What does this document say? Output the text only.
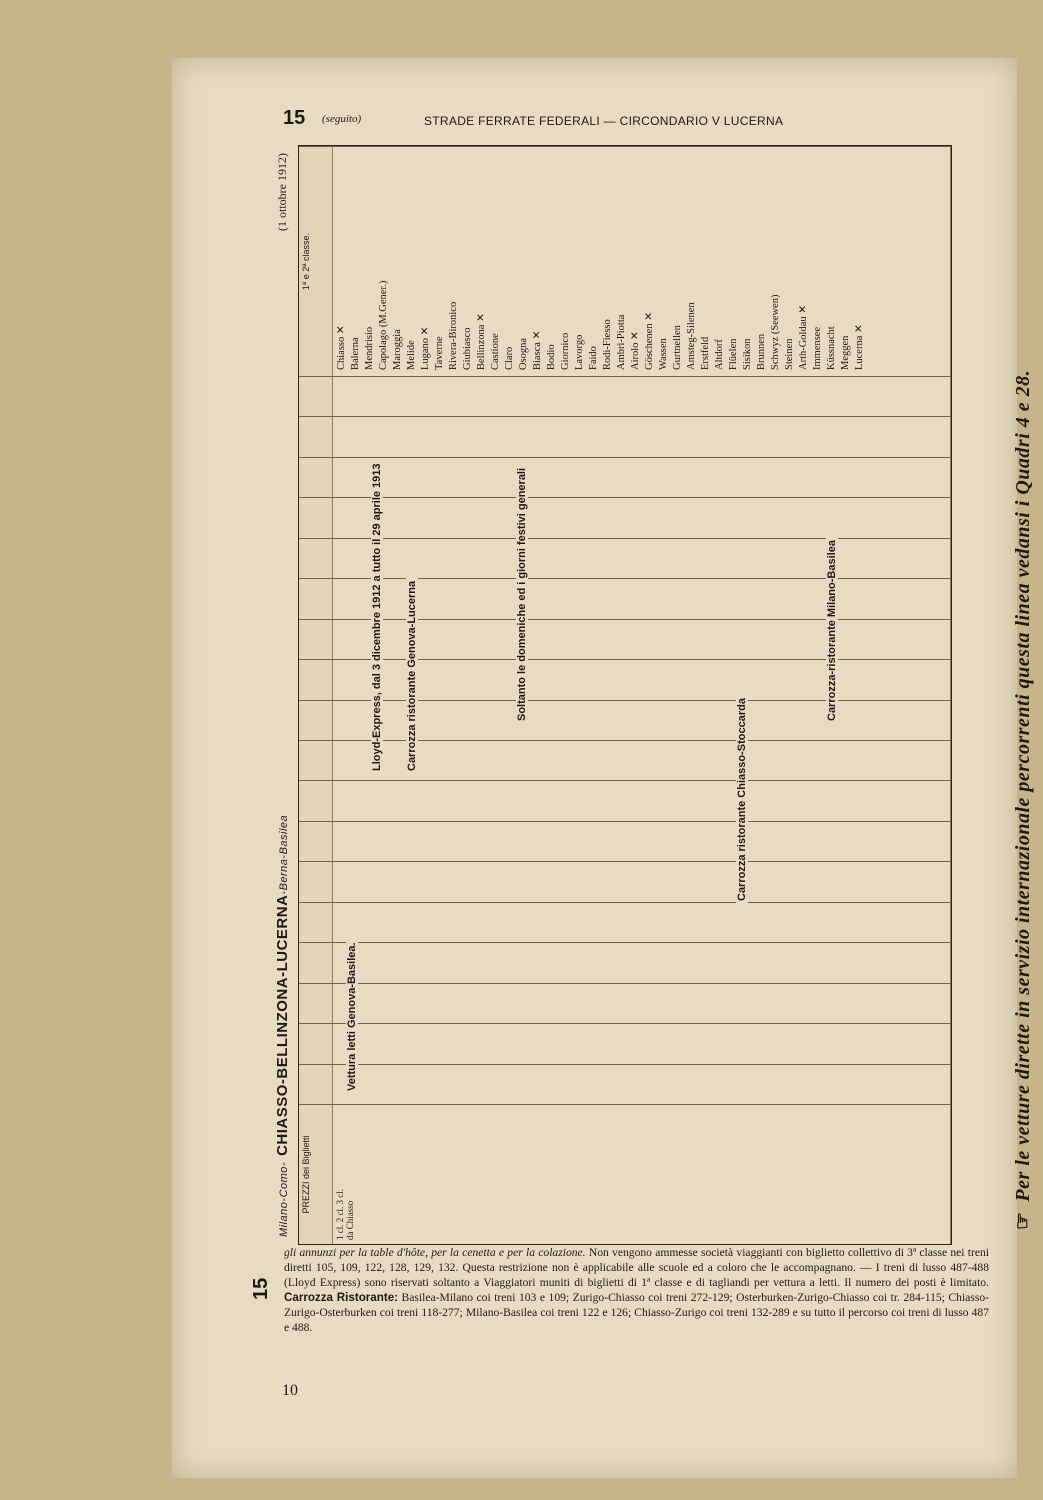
15 (seguito)	STRADE FERRATE FEDERALI — CIRCONDARIO V LUCERNA
15
Milano-Como-CHIASSO-BELLINZONA-LUCERNA-Berna-Basilea
(1 ottobre 1912)
PREZZI dei Biglietti
1ª e 2ª classe.
1 cl. 2 cl. 3 cl. da Chiasso
Chiasso ✕ Balerna Mendrisio Capolago (M.Gener.) Maroggia Melide Lugano ✕ Taverne Rivera-Bironico Giubiasco Bellinzona ✕ Castione Claro Osogna Biasca ✕ Bodio Giornico Lavorgo Faido Rodi-Fiesso Ambrì-Piotta Airolo ✕ Göschenen ✕ Wassen Gurtnellen Amsteg-Silenen Erstfeld Altdorf Flüelen Sisikon Brunnen Schwyz (Seewen) Steinen Arth-Goldau ✕ Immensee Küssnacht Meggen Lucerna ✕
Vettura letti Genova-Basilea.
Lloyd-Express, dal 3 dicembre 1912 a tutto il 29 aprile 1913 Carrozza ristorante Genova-Lucerna	Soltanto le domeniche ed i giorni festivi generali	Carrozza-ristorante Milano-Basilea
Carrozza ristorante Chiasso-Stoccarda
gli annunzi per la table d'hôte, per la cenetta e per la colazione. Non vengono ammesse società viaggianti con biglietto collettivo di 3ª classe nei treni diretti 105, 109, 122, 128, 129, 132. Questa restrizione non è applicabile alle scuole ed a coloro che le accompagnano. — I treni di lusso 487-488 (Lloyd Express) sono riservati soltanto a Viaggiatori muniti di biglietti di 1ª classe e di tagliandi per vettura a letti. Il numero dei posti è limitato. Carrozza Ristorante: Basilea-Milano coi treni 103 e 109; Zurigo-Chiasso coi treni 272-129; Osterburken-Zurigo-Chiasso coi tr. 284-115; Chiasso-Zurigo-Osterburken coi treni 118-277; Milano-Basilea coi treni 122 e 126; Chiasso-Zurigo coi treni 132-289 e su tutto il percorso coi treni di lusso 487 e 488.
10
☞Per le vetture dirette in servizio internazionale percorrenti questa linea vedansi i Quadri 4 e 28.
